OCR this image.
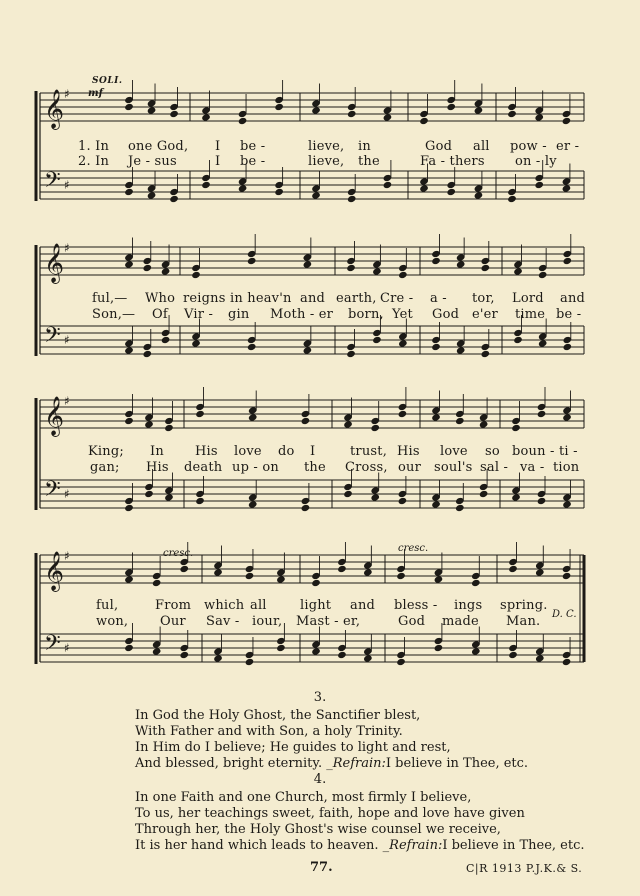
𝄞 ♯
𝄢 ♯
𝄞 ♯
𝄢 ♯
𝄞 ♯
𝄢 ♯
𝄞 ♯
𝄢 ♯
SOLI.
mf
cresc.	cresc.
D. C.
1. In one God, I be -	lieve, in	God all pow - er -
2. In Je - sus	I be -	lieve, the	Fa - thers on - ly
ful,— Who reigns in heav'n and earth, Cre - a - tor, Lord and
Son,— Of Vir - gin Moth - er born, Yet God e'er time be -
King; In His love do I	trust, His love so boun - ti -
gan; His death up - on the Cross, our soul's sal - va - tion
ful,	From which all	light and bless - ings spring.
won, Our Sav - iour, Mast - er,	God made Man.
3.
In God the Holy Ghost, the Sanctifier blest,
With Father and with Son, a holy Trinity.
In Him do I believe; He guides to light and rest,
And blessed, bright eternity. _Refrain:I believe in Thee, etc.
4.
In one Faith and one Church, most firmly I believe,
To us, her teachings sweet, faith, hope and love have given
Through her, the Holy Ghost's wise counsel we receive,
It is her hand which leads to heaven. _Refrain:I believe in Thee, etc.
77.	C|R 1913 P.J.K.& S.
